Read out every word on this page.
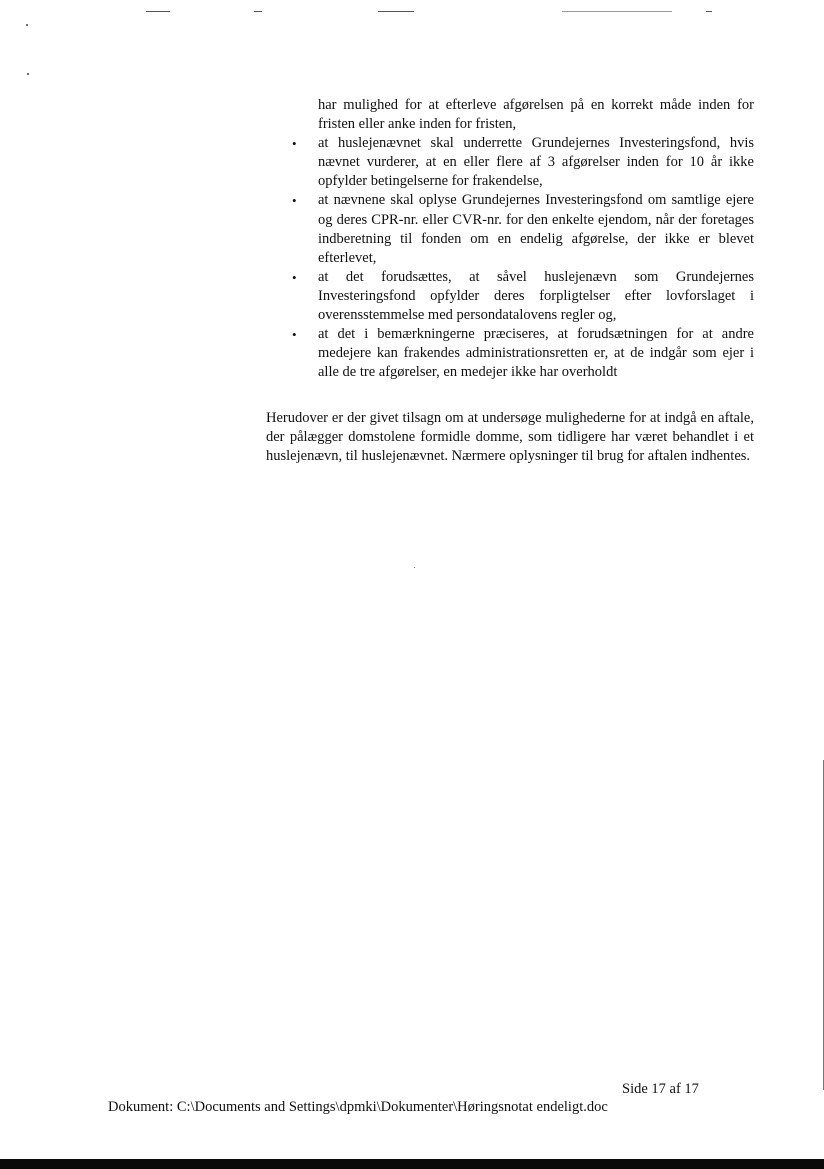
har mulighed for at efterleve afgørelsen på en korrekt måde inden for fristen eller anke inden for fristen,
•	at huslejenævnet skal underrette Grundejernes Investeringsfond, hvis nævnet vurderer, at en eller flere af 3 afgørelser inden for 10 år ikke opfylder betingelserne for frakendelse,
•	at nævnene skal oplyse Grundejernes Investeringsfond om samtlige ejere og deres CPR-nr. eller CVR-nr. for den enkelte ejendom, når der foretages indberetning til fonden om en endelig afgørelse, der ikke er blevet efterlevet,
•	at det forudsættes, at såvel huslejenævn som Grundejernes Investeringsfond opfylder deres forpligtelser efter lovforslaget i overensstemmelse med persondatalovens regler og,
•	at det i bemærkningerne præciseres, at forudsætningen for at andre medejere kan frakendes administrationsretten er, at de indgår som ejer i alle de tre afgørelser, en medejer ikke har overholdt

Herudover er der givet tilsagn om at undersøge mulighederne for at indgå en aftale, der pålægger domstolene formidle domme, som tidligere har været behandlet i et huslejenævn, til huslejenævnet. Nærmere oplysninger til brug for aftalen indhentes.

Side 17 af 17
Dokument: C:\Documents and Settings\dpmki\Dokumenter\Høringsnotat endeligt.doc
